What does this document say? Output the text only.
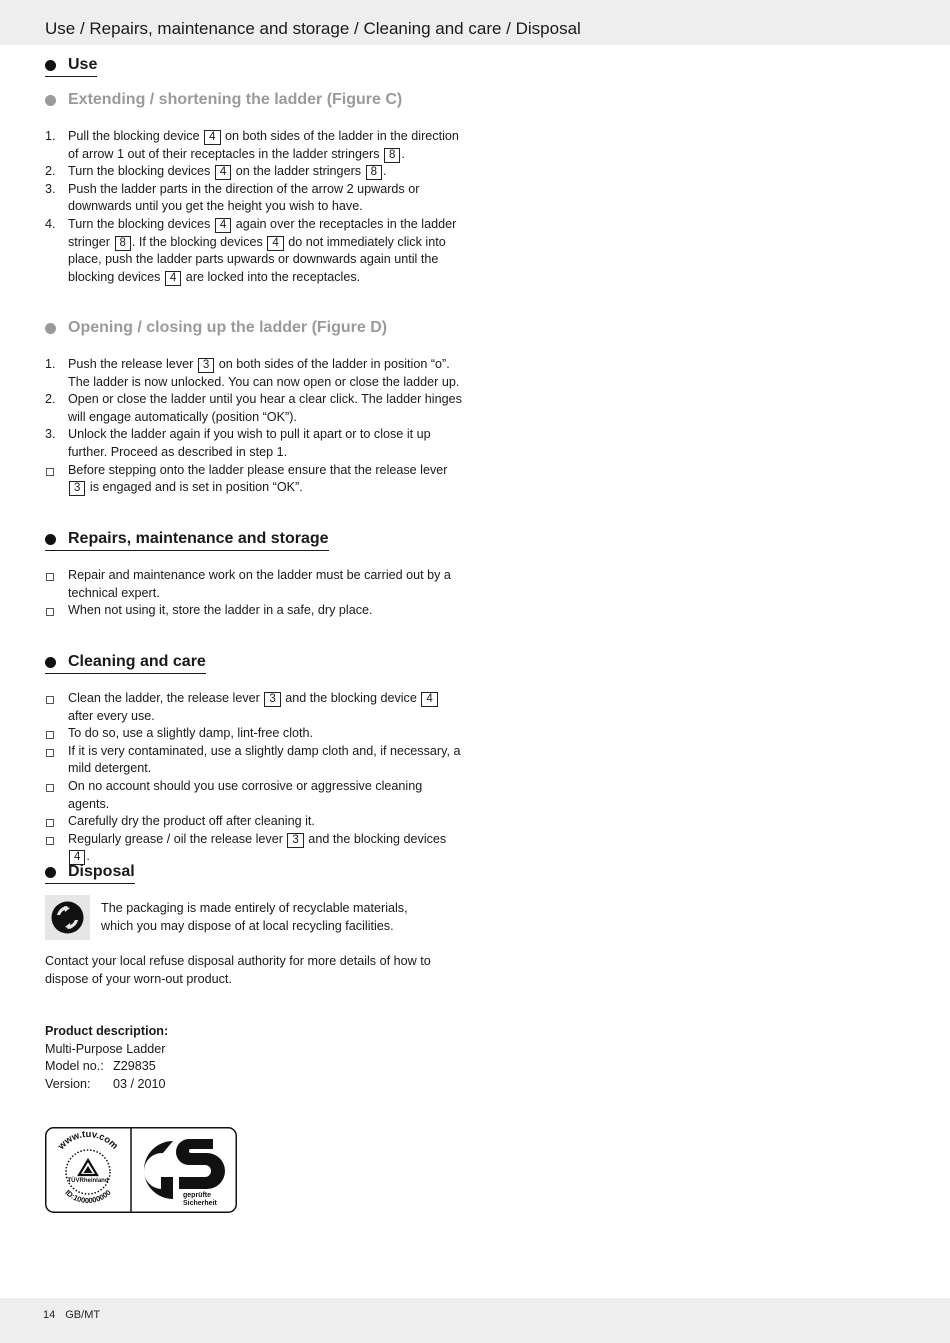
Use / Repairs, maintenance and storage / Cleaning and care / Disposal
Use
Extending / shortening the ladder (Figure C)
1. Pull the blocking device 4 on both sides of the ladder in the direction of arrow 1 out of their receptacles in the ladder stringers 8 .
2. Turn the blocking devices 4 on the ladder stringers 8 .
3. Push the ladder parts in the direction of the arrow 2 upwards or downwards until you get the height you wish to have.
4. Turn the blocking devices 4 again over the receptacles in the ladder stringer 8 . If the blocking devices 4 do not immediately click into place, push the ladder parts upwards or downwards again until the blocking devices 4 are locked into the receptacles.
Opening / closing up the ladder (Figure D)
1. Push the release lever 3 on both sides of the ladder in position “o”. The ladder is now unlocked. You can now open or close the ladder up.
2. Open or close the ladder until you hear a clear click. The ladder hinges will engage automatically (position “OK”).
3. Unlock the ladder again if you wish to pull it apart or to close it up further. Proceed as described in step 1.
Before stepping onto the ladder please ensure that the release lever 3 is engaged and is set in position “OK”.
Repairs, maintenance and storage
Repair and maintenance work on the ladder must be carried out by a technical expert.
When not using it, store the ladder in a safe, dry place.
Cleaning and care
Clean the ladder, the release lever 3 and the blocking device 4 after every use.
To do so, use a slightly damp, lint-free cloth.
If it is very contaminated, use a slightly damp cloth and, if necessary, a mild detergent.
On no account should you use corrosive or aggressive cleaning agents.
Carefully dry the product off after cleaning it.
Regularly grease / oil the release lever 3 and the blocking devices 4 .
Disposal
The packaging is made entirely of recyclable materials,
which you may dispose of at local recycling facilities.
Contact your local refuse disposal authority for more details of how to
dispose of your worn-out product.
Product description:
Multi-Purpose Ladder
Model no.: Z29835
Version: 03 / 2010
www.tuv.com
ID:1000000000
TÜVRheinland
geprüfte
Sicherheit
14 GB/MT
